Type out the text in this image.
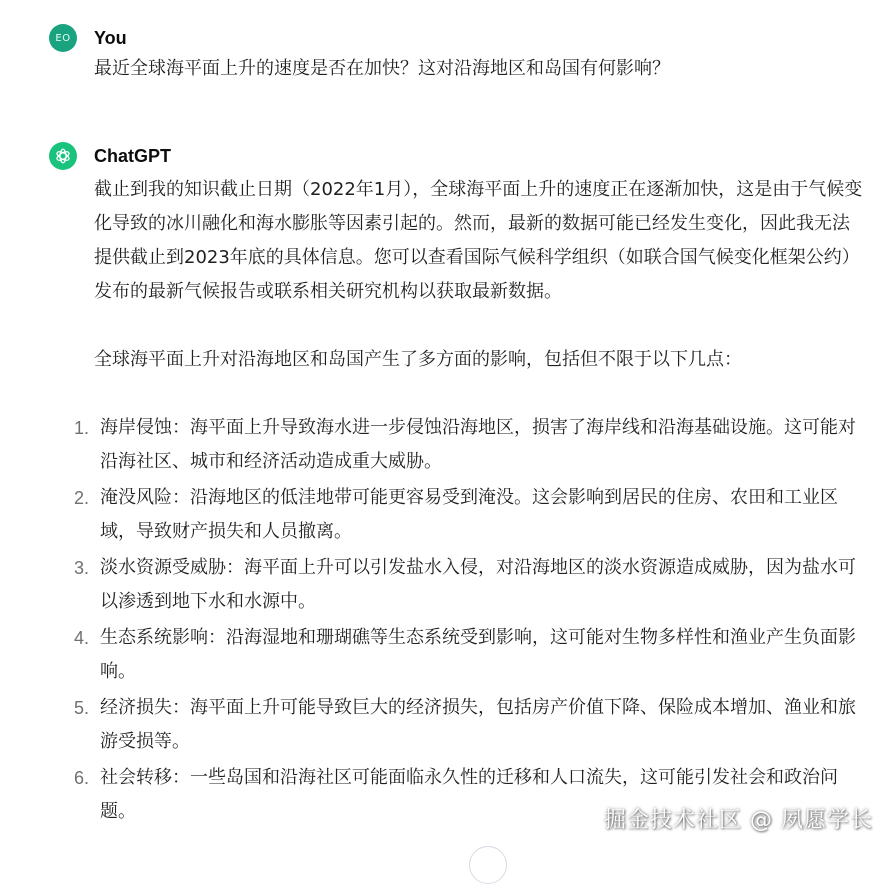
EO You
最近全球海平面上升的速度是否在加快？这对沿海地区和岛国有何影响？
ChatGPT

截止到我的知识截止日期（2022年1月），全球海平面上升的速度正在逐渐加快，这是由于气候变化导致的冰川融化和海水膨胀等因素引起的。然而，最新的数据可能已经发生变化，因此我无法提供截止到2023年底的具体信息。您可以查看国际气候科学组织（如联合国气候变化框架公约）发布的最新气候报告或联系相关研究机构以获取最新数据。

全球海平面上升对沿海地区和岛国产生了多方面的影响，包括但不限于以下几点：

1. 海岸侵蚀：海平面上升导致海水进一步侵蚀沿海地区，损害了海岸线和沿海基础设施。这可能对沿海社区、城市和经济活动造成重大威胁。
2. 淹没风险：沿海地区的低洼地带可能更容易受到淹没。这会影响到居民的住房、农田和工业区域，导致财产损失和人员撤离。
3. 淡水资源受威胁：海平面上升可以引发盐水入侵，对沿海地区的淡水资源造成威胁，因为盐水可以渗透到地下水和水源中。
4. 生态系统影响：沿海湿地和珊瑚礁等生态系统受到影响，这可能对生物多样性和渔业产生负面影响。
5. 经济损失：海平面上升可能导致巨大的经济损失，包括房产价值下降、保险成本增加、渔业和旅游受损等。
6. 社会转移：一些岛国和沿海社区可能面临永久性的迁移和人口流失，这可能引发社会和政治问题。	掘金技术社区 @ 夙愿学长
